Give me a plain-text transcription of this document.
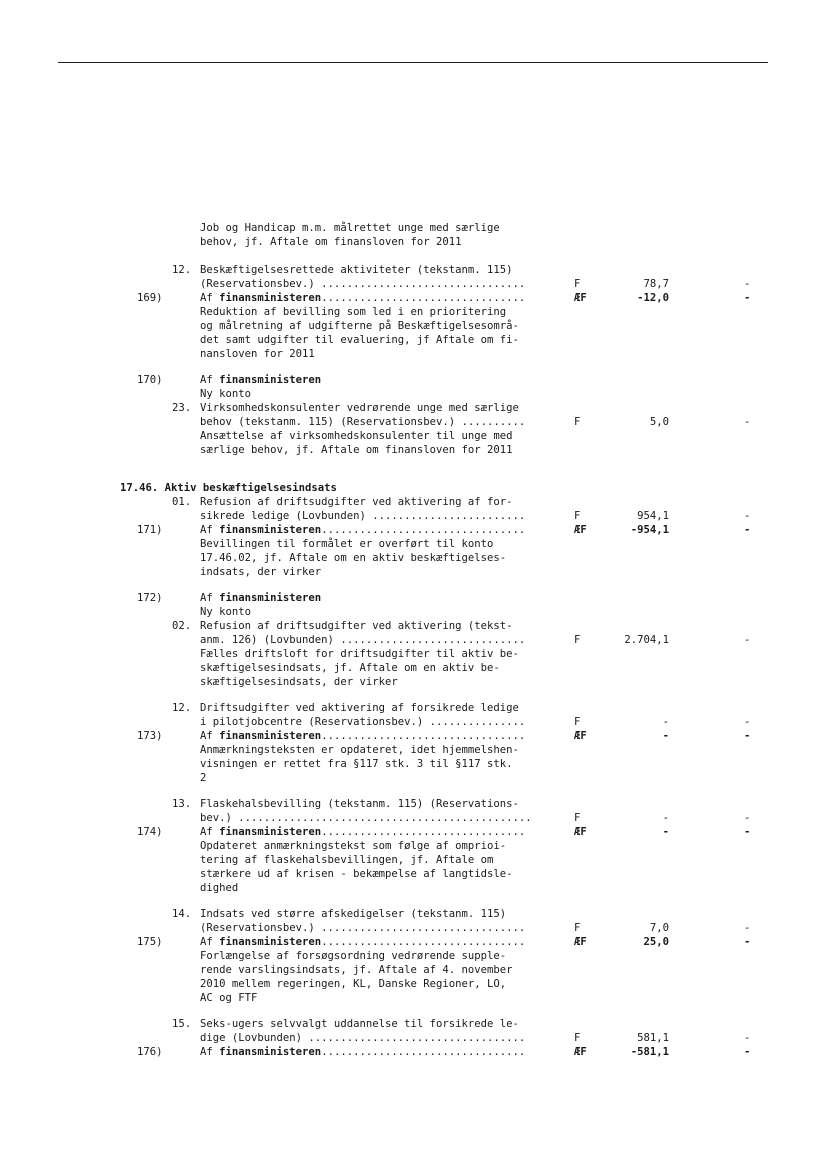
Job og Handicap m.m. målrettet unge med særlige
behov, jf. Aftale om finansloven for 2011
12. Beskæftigelsesrettede aktiviteter (tekstanm. 115)
(Reservationsbev.) ................................	F	78,7	-
169)	Af finansministeren................................	ÆF	-12,0	-
Reduktion af bevilling som led i en prioritering
og målretning af udgifterne på Beskæftigelsesområ-
det samt udgifter til evaluering, jf Aftale om fi-
nansloven for 2011
170)	Af finansministeren
Ny konto
23. Virksomhedskonsulenter vedrørende unge med særlige
behov (tekstanm. 115) (Reservationsbev.) ..........	F	5,0	-
Ansættelse af virksomhedskonsulenter til unge med
særlige behov, jf. Aftale om finansloven for 2011
17.46. Aktiv beskæftigelsesindsats
01. Refusion af driftsudgifter ved aktivering af for-
sikrede ledige (Lovbunden) ........................	F	954,1	-
171)	Af finansministeren................................	ÆF	-954,1	-
Bevillingen til formålet er overført til konto
17.46.02, jf. Aftale om en aktiv beskæftigelses-
indsats, der virker
172)	Af finansministeren
Ny konto
02. Refusion af driftsudgifter ved aktivering (tekst-
anm. 126) (Lovbunden) .............................	F	2.704,1	-
Fælles driftsloft for driftsudgifter til aktiv be-
skæftigelsesindsats, jf. Aftale om en aktiv be-
skæftigelsesindsats, der virker
12. Driftsudgifter ved aktivering af forsikrede ledige
i pilotjobcentre (Reservationsbev.) ...............	F	-	-
173)	Af finansministeren................................	ÆF	-	-
Anmærkningsteksten er opdateret, idet hjemmelshen-
visningen er rettet fra §117 stk. 3 til §117 stk.
2
13. Flaskehalsbevilling (tekstanm. 115) (Reservations-
bev.) ..............................................	F	-	-
174)	Af finansministeren................................	ÆF	-	-
Opdateret anmærkningstekst som følge af omprioi-
tering af flaskehalsbevillingen, jf. Aftale om
stærkere ud af krisen - bekæmpelse af langtidsle-
dighed
14. Indsats ved større afskedigelser (tekstanm. 115)
(Reservationsbev.) ................................	F	7,0	-
175)	Af finansministeren................................	ÆF	25,0	-
Forlængelse af forsøgsordning vedrørende supple-
rende varslingsindsats, jf. Aftale af 4. november
2010 mellem regeringen, KL, Danske Regioner, LO,
AC og FTF
15. Seks-ugers selvvalgt uddannelse til forsikrede le-
dige (Lovbunden) ..................................	F	581,1	-
176)	Af finansministeren................................	ÆF	-581,1	-
